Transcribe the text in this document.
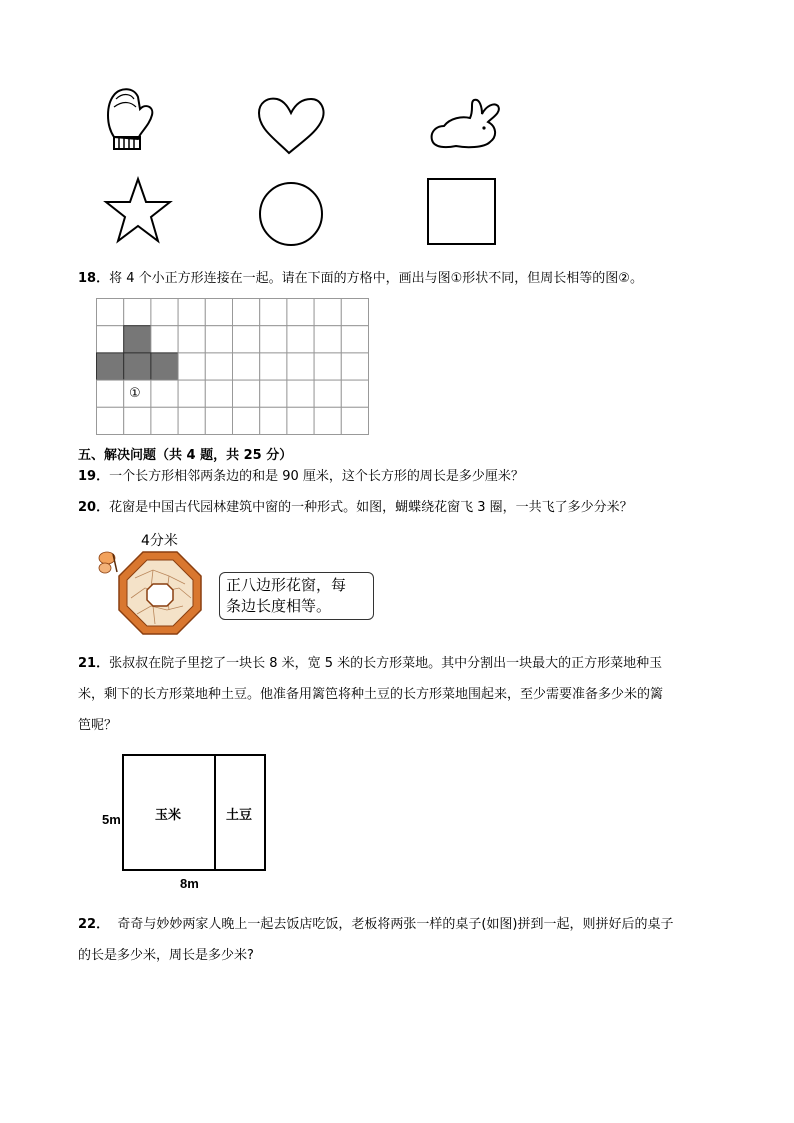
18．将 4 个小正方形连接在一起。请在下面的方格中，画出与图①形状不同，但周长相等的图②。
①
五、解决问题（共 4 题，共 25 分）
19．一个长方形相邻两条边的和是 90 厘米，这个长方形的周长是多少厘米？
20．花窗是中国古代园林建筑中窗的一种形式。如图，蝴蝶绕花窗飞 3 圈，一共飞了多少分米？
4分米
正八边形花窗，每
条边长度相等。
21．张叔叔在院子里挖了一块长 8 米，宽 5 米的长方形菜地。其中分割出一块最大的正方形菜地种玉
米，剩下的长方形菜地种土豆。他准备用篱笆将种土豆的长方形菜地围起来，至少需要准备多少米的篱
笆呢？
玉米	土豆
5m
8m
22．  奇奇与妙妙两家人晚上一起去饭店吃饭，老板将两张一样的桌子(如图)拼到一起，则拼好后的桌子
的长是多少米，周长是多少米?
